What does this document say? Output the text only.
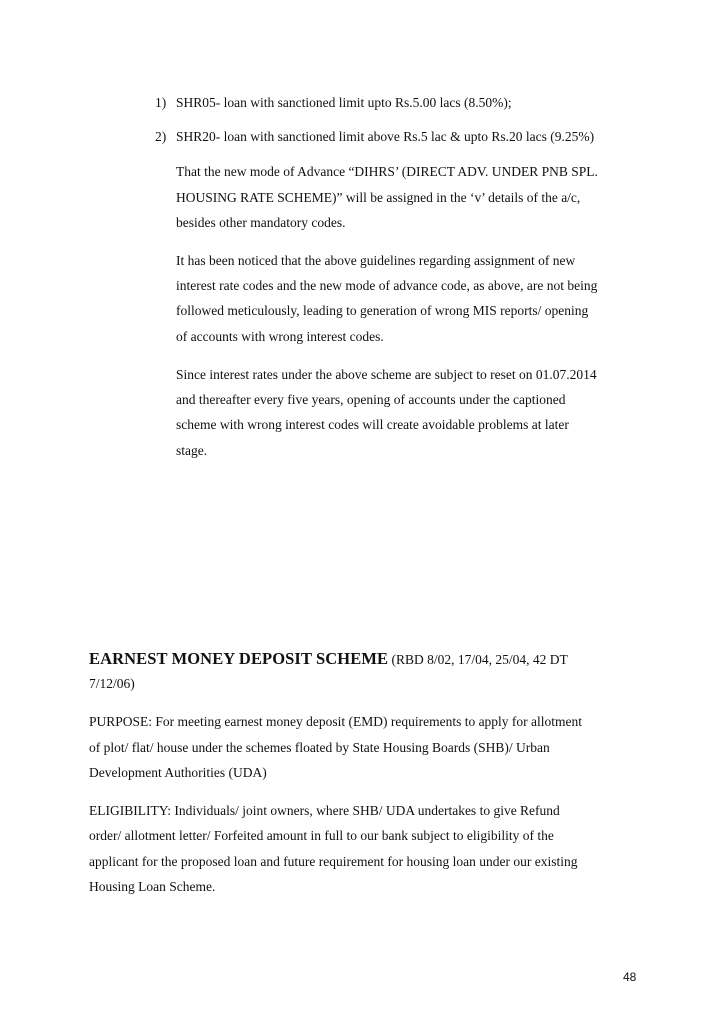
1) SHR05- loan with sanctioned limit upto Rs.5.00 lacs (8.50%);
2) SHR20- loan with sanctioned limit above Rs.5 lac & upto Rs.20 lacs (9.25%)
That the new mode of Advance “DIHRS’ (DIRECT ADV. UNDER PNB SPL.
HOUSING RATE SCHEME)” will be assigned in the ‘v’ details of the a/c,
besides other mandatory codes.
It has been noticed that the above guidelines regarding assignment of new
interest rate codes and the new mode of advance code, as above, are not being
followed meticulously, leading to generation of wrong MIS reports/ opening
of accounts with wrong interest codes.
Since interest rates under the above scheme are subject to reset on 01.07.2014
and thereafter every five years, opening of accounts under the captioned
scheme with wrong interest codes will create avoidable problems at later
stage.
EARNEST MONEY DEPOSIT SCHEME (RBD 8/02, 17/04, 25/04, 42 DT
7/12/06)
PURPOSE: For meeting earnest money deposit (EMD) requirements to apply for allotment
of plot/ flat/ house under the schemes floated by State Housing Boards (SHB)/ Urban
Development Authorities (UDA)
ELIGIBILITY: Individuals/ joint owners, where SHB/ UDA undertakes to give Refund
order/ allotment letter/ Forfeited amount in full to our bank subject to eligibility of the
applicant for the proposed loan and future requirement for housing loan under our existing
Housing Loan Scheme.
48
